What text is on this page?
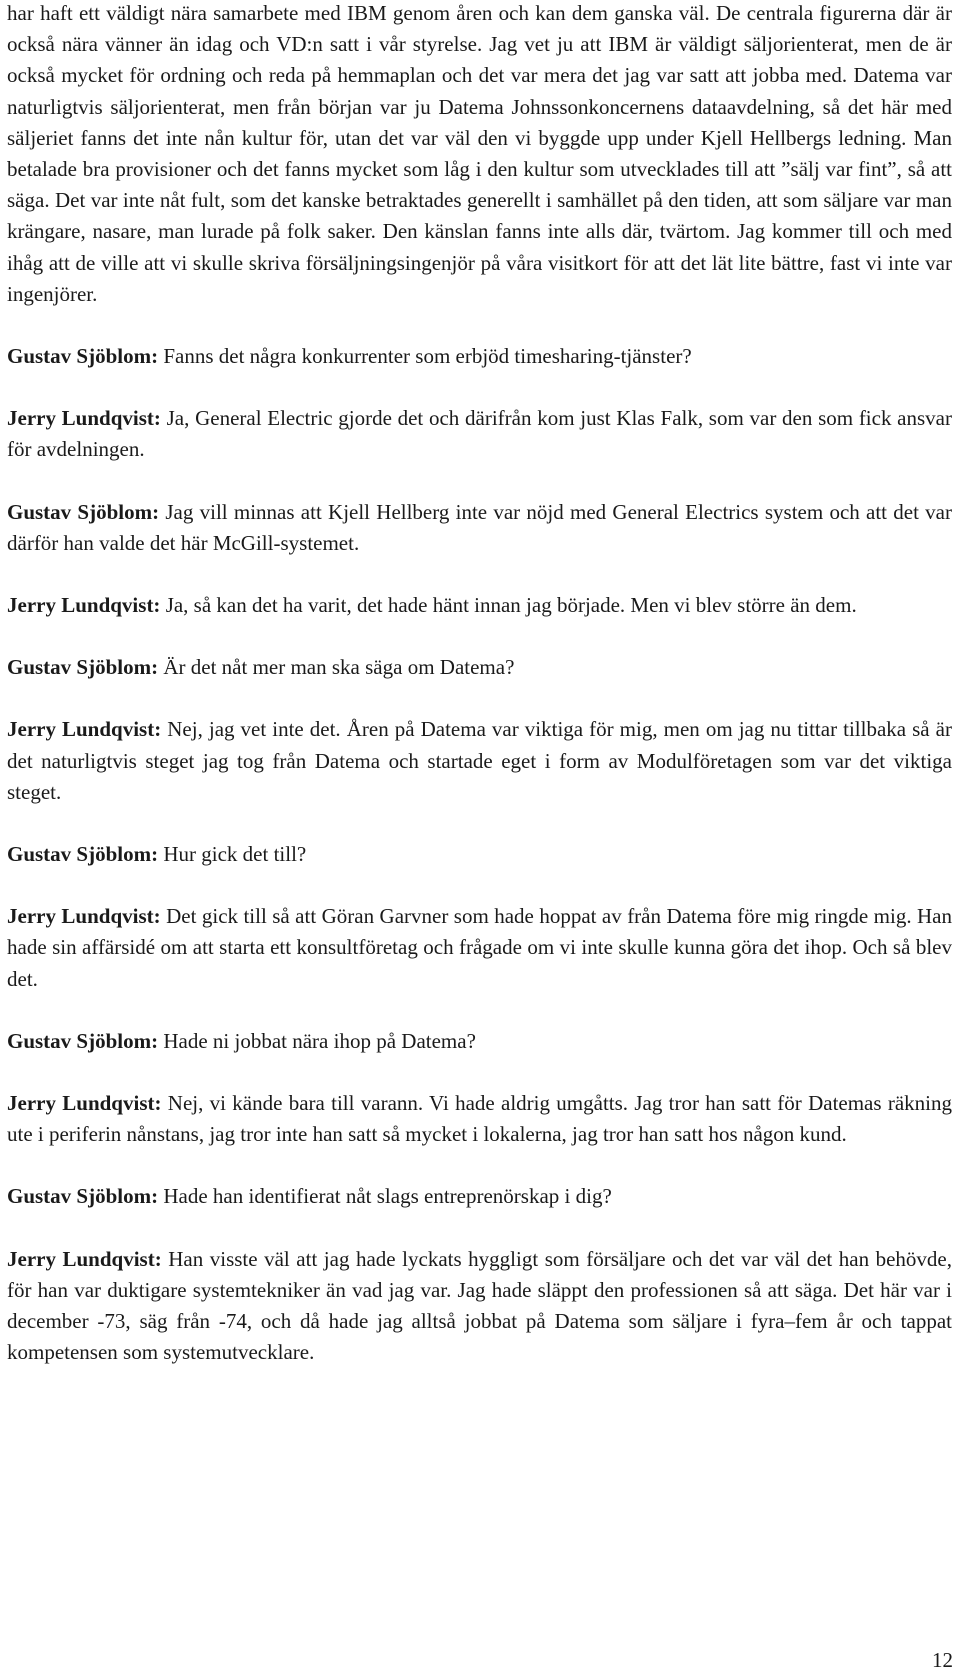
har haft ett väldigt nära samarbete med IBM genom åren och kan dem ganska väl. De centrala figurerna där är också nära vänner än idag och VD:n satt i vår styrelse. Jag vet ju att IBM är väldigt säljorienterat, men de är också mycket för ordning och reda på hemmaplan och det var mera det jag var satt att jobba med. Datema var naturligtvis säljorienterat, men från början var ju Datema Johnssonkoncernens dataavdelning, så det här med säljeriet fanns det inte nån kultur för, utan det var väl den vi byggde upp under Kjell Hellbergs ledning. Man betalade bra provisioner och det fanns mycket som låg i den kultur som utvecklades till att ”sälj var fint”, så att säga. Det var inte nåt fult, som det kanske betraktades generellt i samhället på den tiden, att som säljare var man krängare, nasare, man lurade på folk saker. Den känslan fanns inte alls där, tvärtom. Jag kommer till och med ihåg att de ville att vi skulle skriva försäljningsingenjör på våra visitkort för att det lät lite bättre, fast vi inte var ingenjörer.

Gustav Sjöblom: Fanns det några konkurrenter som erbjöd timesharing-tjänster?

Jerry Lundqvist: Ja, General Electric gjorde det och därifrån kom just Klas Falk, som var den som fick ansvar för avdelningen.

Gustav Sjöblom: Jag vill minnas att Kjell Hellberg inte var nöjd med General Electrics system och att det var därför han valde det här McGill-systemet.

Jerry Lundqvist: Ja, så kan det ha varit, det hade hänt innan jag började. Men vi blev större än dem.

Gustav Sjöblom: Är det nåt mer man ska säga om Datema?

Jerry Lundqvist: Nej, jag vet inte det. Åren på Datema var viktiga för mig, men om jag nu tittar tillbaka så är det naturligtvis steget jag tog från Datema och startade eget i form av Modulföretagen som var det viktiga steget.

Gustav Sjöblom: Hur gick det till?

Jerry Lundqvist: Det gick till så att Göran Garvner som hade hoppat av från Datema före mig ringde mig. Han hade sin affärsidé om att starta ett konsultföretag och frågade om vi inte skulle kunna göra det ihop. Och så blev det.

Gustav Sjöblom: Hade ni jobbat nära ihop på Datema?

Jerry Lundqvist: Nej, vi kände bara till varann. Vi hade aldrig umgåtts. Jag tror han satt för Datemas räkning ute i periferin nånstans, jag tror inte han satt så mycket i lokalerna, jag tror han satt hos någon kund.

Gustav Sjöblom: Hade han identifierat nåt slags entreprenörskap i dig?

Jerry Lundqvist: Han visste väl att jag hade lyckats hyggligt som försäljare och det var väl det han behövde, för han var duktigare systemtekniker än vad jag var. Jag hade släppt den professionen så att säga. Det här var i december -73, säg från -74, och då hade jag alltså jobbat på Datema som säljare i fyra–fem år och tappat kompetensen som systemutvecklare.

12
